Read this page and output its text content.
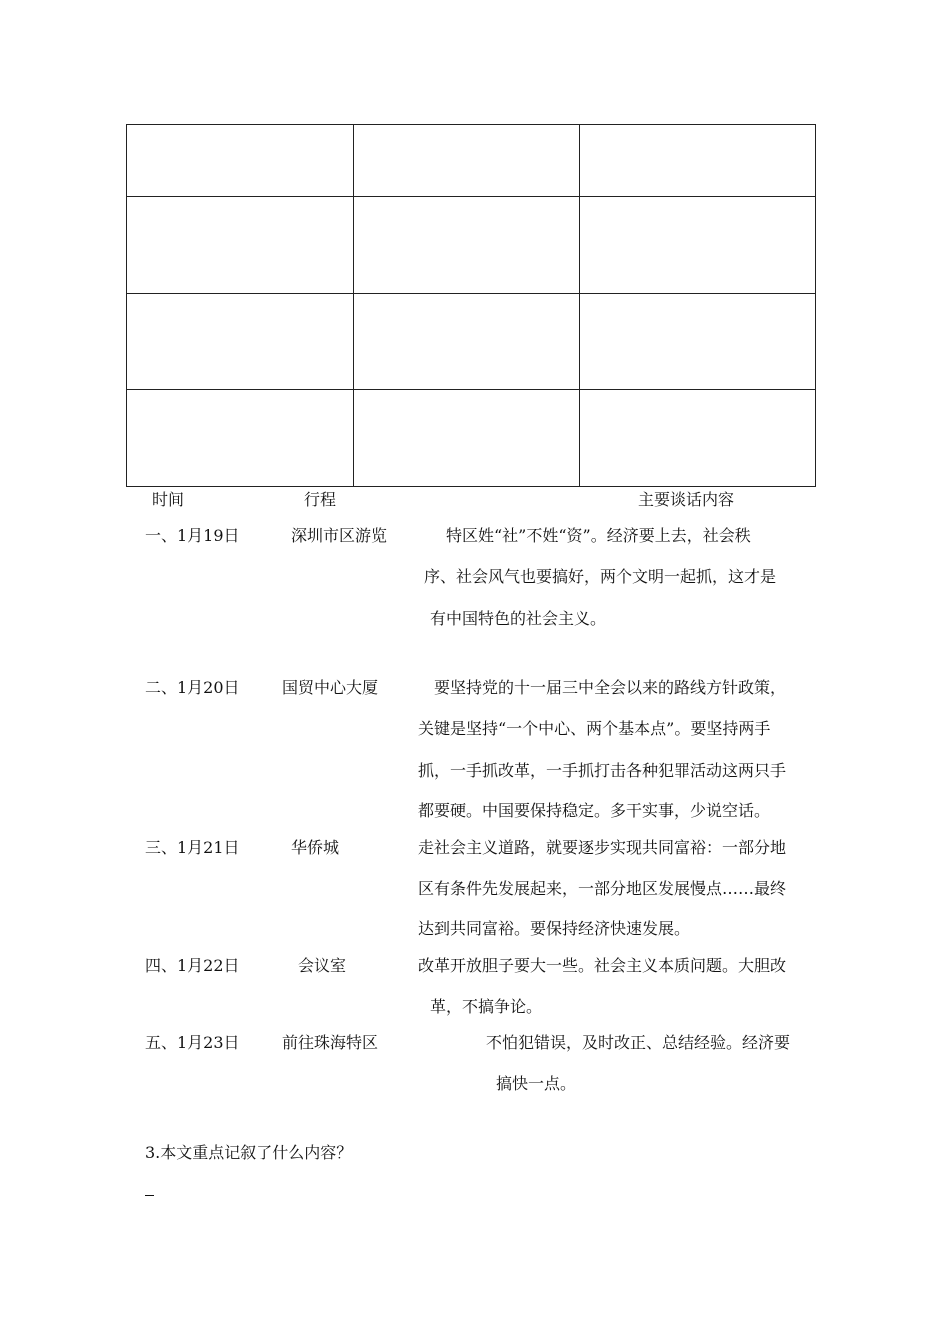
时间	行程	主要谈话内容
一、1月19日	深圳市区游览	特区姓“社”不姓“资”。经济要上去，社会秩
序、社会风气也要搞好，两个文明一起抓，这才是
有中国特色的社会主义。
二、1月20日	国贸中心大厦	要坚持党的十一届三中全会以来的路线方针政策，
关键是坚持“一个中心、两个基本点”。要坚持两手
抓，一手抓改革，一手抓打击各种犯罪活动这两只手
都要硬。中国要保持稳定。多干实事，少说空话。
三、1月21日	华侨城	走社会主义道路，就要逐步实现共同富裕：一部分地
区有条件先发展起来，一部分地区发展慢点……最终
达到共同富裕。要保持经济快速发展。
四、1月22日	会议室	改革开放胆子要大一些。社会主义本质问题。大胆改
革，不搞争论。
五、1月23日	前往珠海特区	不怕犯错误，及时改正、总结经验。经济要
搞快一点。
3.本文重点记叙了什么内容？
